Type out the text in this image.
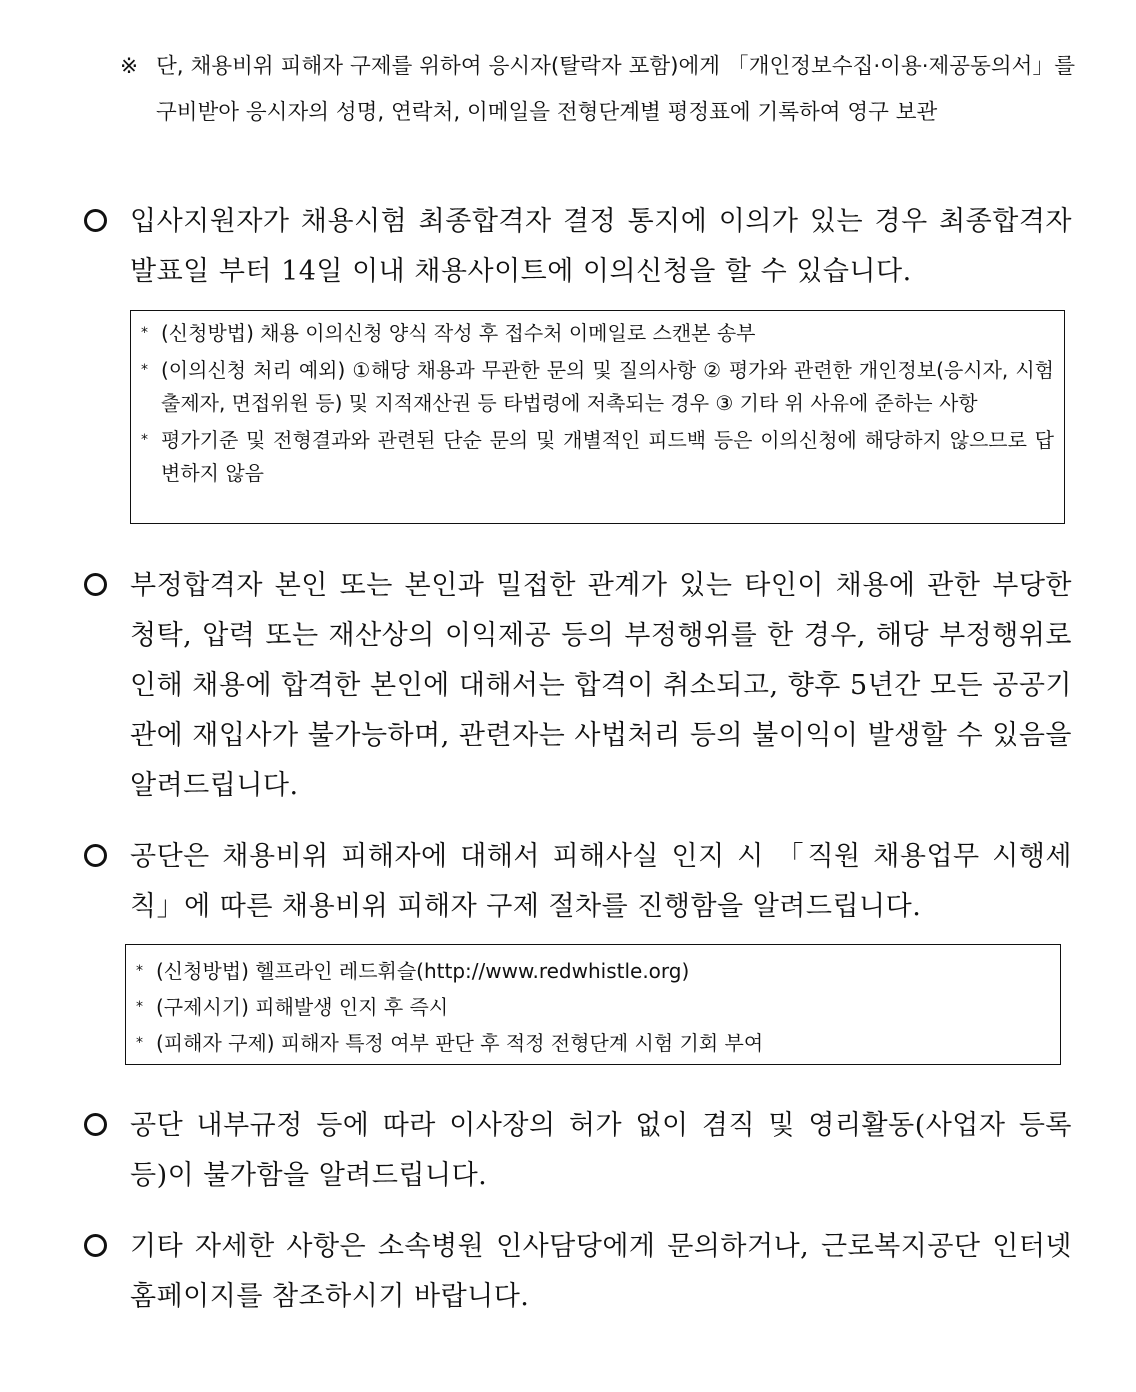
※ 단, 채용비위 피해자 구제를 위하여 응시자(탈락자 포함)에게 「개인정보수집·이용·제공동의서」를 구비받아 응시자의 성명, 연락처, 이메일을 전형단계별 평정표에 기록하여 영구 보관
입사지원자가 채용시험 최종합격자 결정 통지에 이의가 있는 경우 최종합격자 발표일 부터 14일 이내 채용사이트에 이의신청을 할 수 있습니다.
* (신청방법) 채용 이의신청 양식 작성 후 접수처 이메일로 스캔본 송부
* (이의신청 처리 예외) ①해당 채용과 무관한 문의 및 질의사항 ② 평가와 관련한 개인정보(응시자, 시험출제자, 면접위원 등) 및 지적재산권 등 타법령에 저촉되는 경우 ③ 기타 위 사유에 준하는 사항
* 평가기준 및 전형결과와 관련된 단순 문의 및 개별적인 피드백 등은 이의신청에 해당하지 않으므로 답변하지 않음
부정합격자 본인 또는 본인과 밀접한 관계가 있는 타인이 채용에 관한 부당한 청탁, 압력 또는 재산상의 이익제공 등의 부정행위를 한 경우, 해당 부정행위로 인해 채용에 합격한 본인에 대해서는 합격이 취소되고, 향후 5년간 모든 공공기관에 재입사가 불가능하며, 관련자는 사법처리 등의 불이익이 발생할 수 있음을 알려드립니다.
공단은 채용비위 피해자에 대해서 피해사실 인지 시 「직원 채용업무 시행세칙」에 따른 채용비위 피해자 구제 절차를 진행함을 알려드립니다.
* (신청방법) 헬프라인 레드휘슬(http://www.redwhistle.org)
* (구제시기) 피해발생 인지 후 즉시
* (피해자 구제) 피해자 특정 여부 판단 후 적정 전형단계 시험 기회 부여
공단 내부규정 등에 따라 이사장의 허가 없이 겸직 및 영리활동(사업자 등록 등)이 불가함을 알려드립니다.
기타 자세한 사항은 소속병원 인사담당에게 문의하거나, 근로복지공단 인터넷 홈페이지를 참조하시기 바랍니다.
